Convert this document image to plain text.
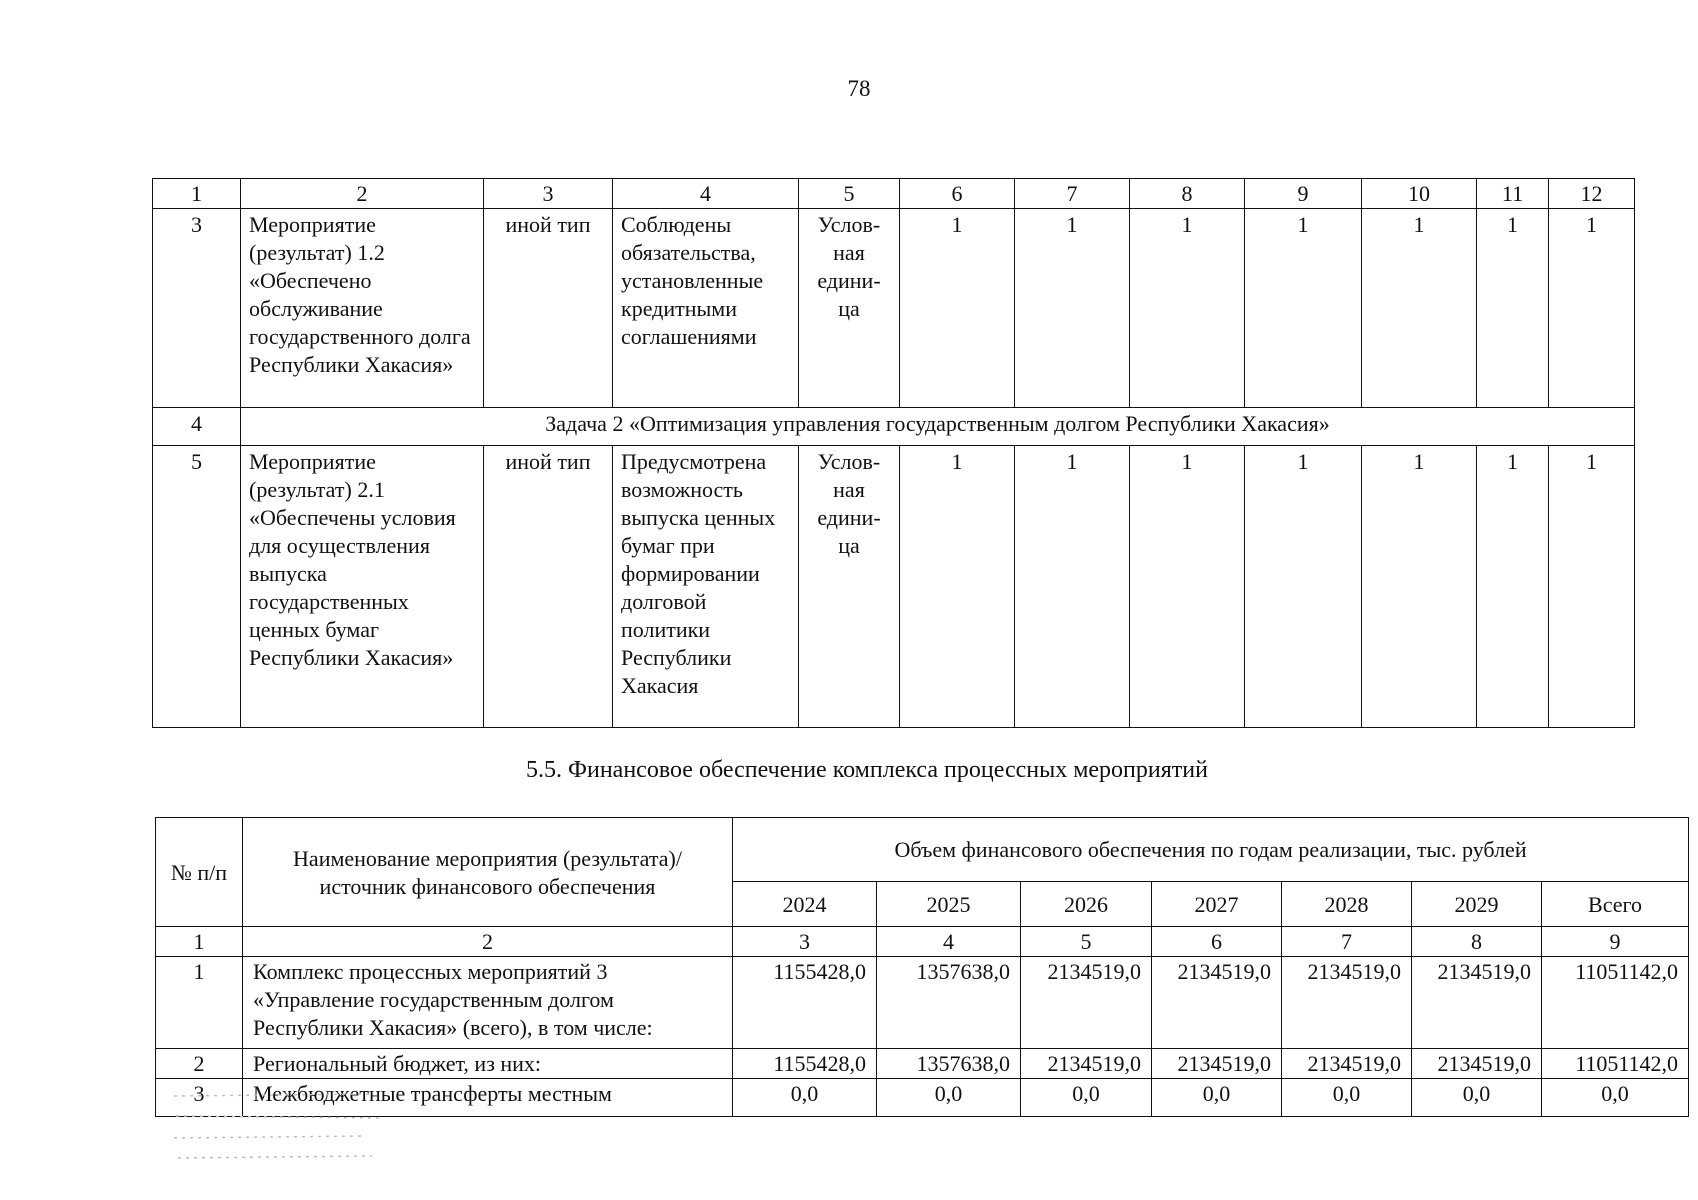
78
1	2	3	4	5	6	7	8	9	10	11	12
3	Мероприятие (результат) 1.2 «Обеспечено обслуживание государственного долга Республики Хакасия»	иной тип	Соблюдены обязательства, установленные кредитными соглашениями	Услов-ная едини-ца	1	1	1	1	1	1	1
4	Задача 2 «Оптимизация управления государственным долгом Республики Хакасия»										
5	Мероприятие (результат) 2.1 «Обеспечены условия для осуществления выпуска государственных ценных бумаг Республики Хакасия»	иной тип	Предусмотрена возможность выпуска ценных бумаг при формировании долговой политики Республики Хакасия	Услов-ная едини-ца	1	1	1	1	1	1	1
5.5. Финансовое обеспечение комплекса процессных мероприятий
№ п/п	Наименование мероприятия (результата)/ источник финансового обеспечения	Объем финансового обеспечения по годам реализации, тыс. рублей						
		2024	2025	2026	2027	2028	2029	Всего
1	2	3	4	5	6	7	8	9
1	Комплекс процессных мероприятий 3 «Управление государственным долгом Республики Хакасия» (всего), в том числе:	1155428,0	1357638,0	2134519,0	2134519,0	2134519,0	2134519,0	11051142,0
2	Региональный бюджет, из них:	1155428,0	1357638,0	2134519,0	2134519,0	2134519,0	2134519,0	11051142,0
3	Межбюджетные трансферты местным	0,0	0,0	0,0	0,0	0,0	0,0	0,0
